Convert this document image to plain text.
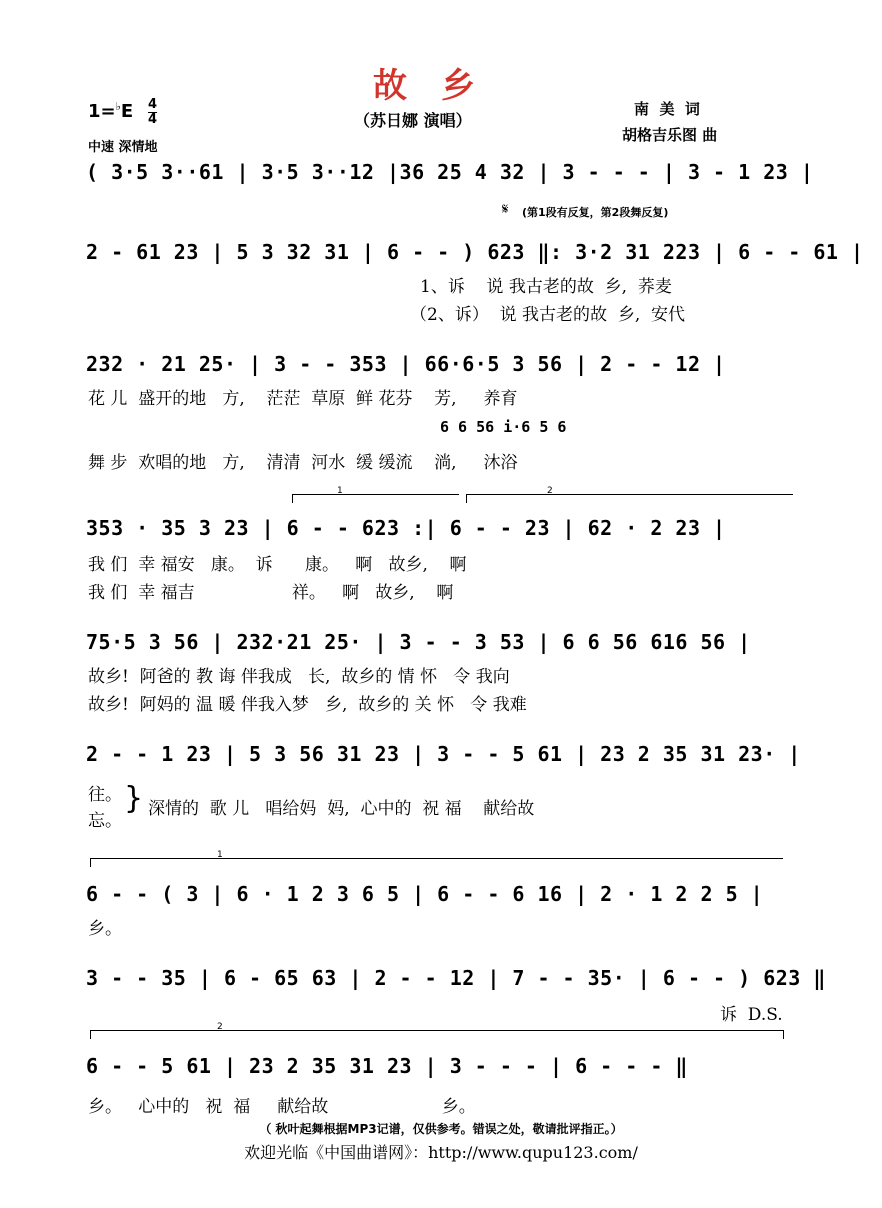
故乡
$1=^♭E \frac{4}{4}$
中速 深情地
（苏日娜 演唱）
南  美  词
胡格吉乐图 曲
( 3·5 3··61 | 3·5 3··12 |36 25 4 32 | 3 - - - | 3 - 1 23 |
𝄋 (第1段有反复，第2段舞反复)
2 - 61 23 | 5 3 32 31 | 6 - - ) 623 ‖: 3·2 31 223 | 6 - - 61 |
1、诉    说 我古老的故  乡,  荞麦
（2、诉）  说 我古老的故  乡,  安代
232 · 21 25· | 3 - - 353 | 66·6·5 3 56 | 2 - - 12 |
花 儿  盛开的地   方,    茫茫  草原  鲜 花芬    芳,     养育
6 6 56 i·6 5 6
舞 步  欢唱的地   方,    清清  河水  缓 缓流    淌,     沐浴
1	2
353 · 35 3 23 | 6 - - 623 :| 6 - - 23 | 62 · 2 23 |
我 们  幸 福安   康。  诉      康。   啊   故乡,    啊
我 们  幸 福吉                  祥。   啊   故乡,    啊
75·5 3 56 | 232·21 25· | 3 - - 3 53 | 6 6 56 616 56 |
故乡!  阿爸的 教 诲 伴我成   长,  故乡的 情 怀   令 我向
故乡!  阿妈的 温 暖 伴我入梦   乡,  故乡的 关 怀   令 我难
2 - - 1 23 | 5 3 56 31 23 | 3 - - 5 61 | 23 2 35 31 23· |
往。
忘。
} 深情的  歌 儿   唱给妈  妈,  心中的  祝 福    献给故
1
6 - - ( 3 | 6 · 1 2 3 6 5 | 6 - - 6 16 | 2 · 1 2 2 5 |
乡。
3 - - 35 | 6 - 65 63 | 2 - - 12 | 7 - - 35· | 6 - - ) 623 ‖
诉  D.S.
2
6 - - 5 61 | 23 2 35 31 23 | 3 - - - | 6 - - - ‖
乡。   心中的   祝  福     献给故                     乡。
（ 秋叶起舞根据MP3记谱，仅供参考。错误之处，敬请批评指正。）
欢迎光临《中国曲谱网》：http://www.qupu123.com/
